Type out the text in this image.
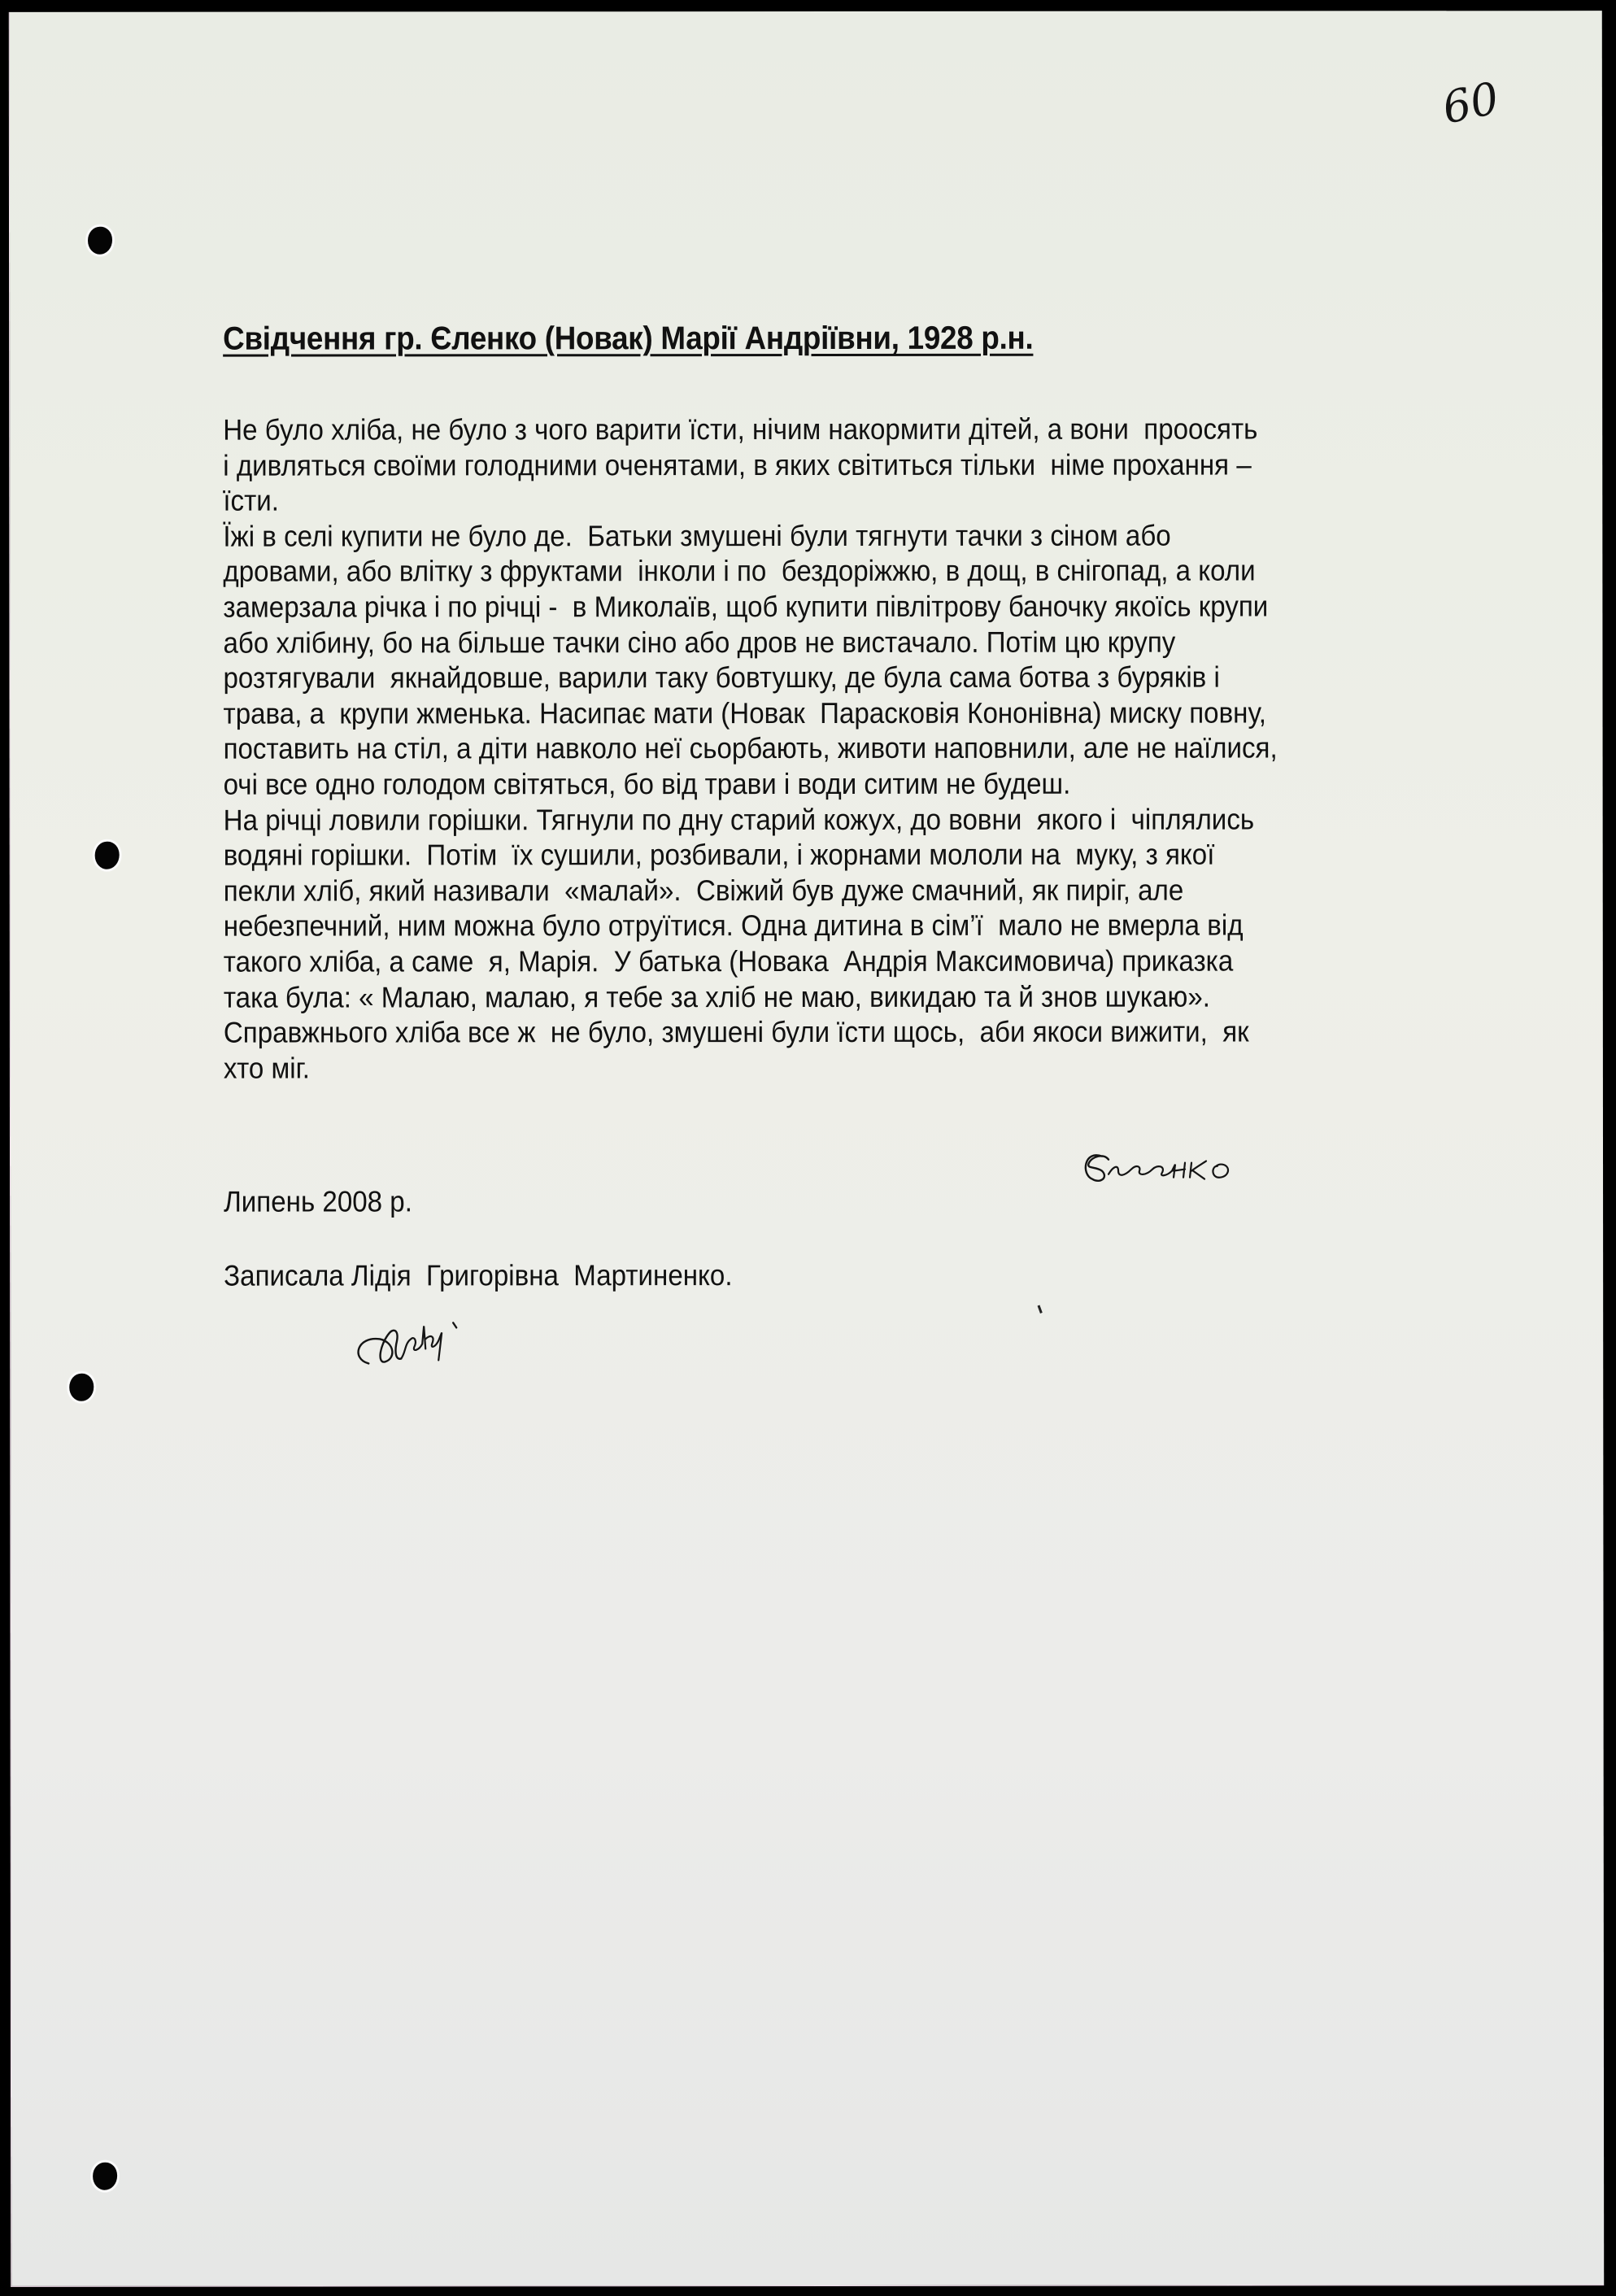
60
Свідчення гр. Єленко (Новак) Марії Андріївни, 1928 р.н.
Не було хліба, не було з чого варити їсти, нічим накормити дітей, а вони  проосять
і дивляться своїми голодними оченятами, в яких світиться тільки  німе прохання –
їсти.
Їжі в селі купити не було де.  Батьки змушені були тягнути тачки з сіном або
дровами, або влітку з фруктами  інколи і по  бездоріжжю, в дощ, в снігопад, а коли
замерзала річка і по річці -  в Миколаїв, щоб купити півлітрову баночку якоїсь крупи
або хлібину, бо на більше тачки сіно або дров не вистачало. Потім цю крупу
розтягували  якнайдовше, варили таку бовтушку, де була сама ботва з буряків і
трава, а  крупи жменька. Насипає мати (Новак  Парасковія Кононівна) миску повну,
поставить на стіл, а діти навколо неї сьорбають, животи наповнили, але не наїлися,
очі все одно голодом світяться, бо від трави і води ситим не будеш.
На річці ловили горішки. Тягнули по дну старий кожух, до вовни  якого і  чіплялись
водяні горішки.  Потім  їх сушили, розбивали, і жорнами мололи на  муку, з якої
пекли хліб, який називали  «малай».  Свіжий був дуже смачний, як пиріг, але
небезпечний, ним можна було отруїтися. Одна дитина в сім’ї  мало не вмерла від
такого хліба, а саме  я, Марія.  У батька (Новака  Андрія Максимовича) приказка
така була: « Малаю, малаю, я тебе за хліб не маю, викидаю та й знов шукаю».
Справжнього хліба все ж  не було, змушені були їсти щось,  аби якоси вижити,  як
хто міг.
Липень 2008 р.
Записала Лідія  Григорівна  Мартиненко.
